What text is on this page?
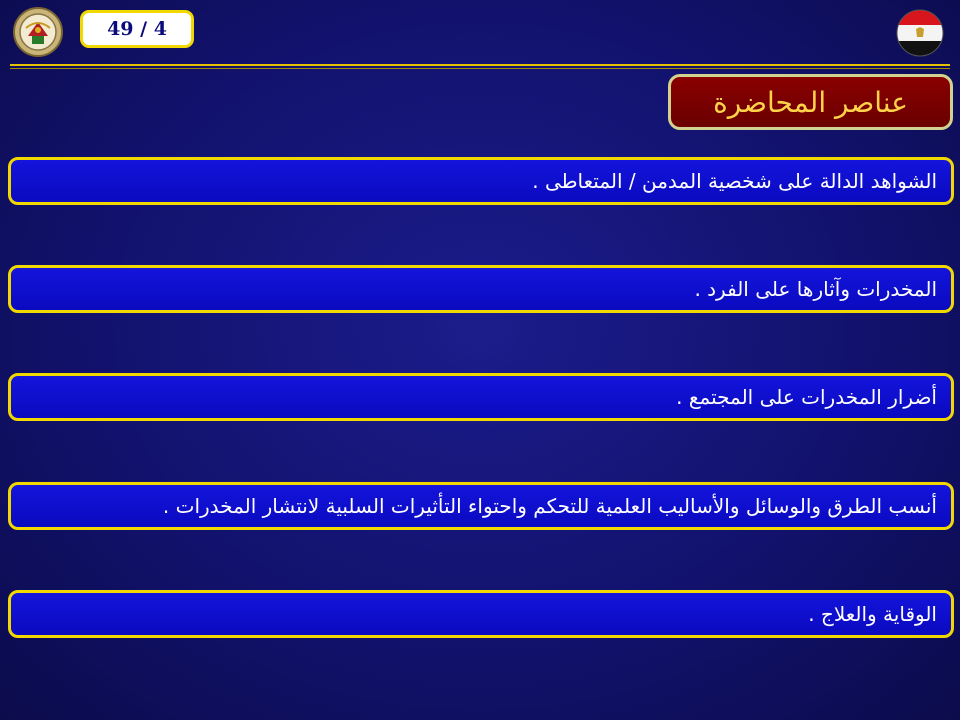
49 / 4
عناصر المحاضرة
الشواهد الدالة على شخصية المدمن / المتعاطى .
المخدرات وآثارها على الفرد .
أضرار المخدرات على المجتمع .
أنسب الطرق والوسائل والأساليب العلمية للتحكم واحتواء التأثيرات السلبية لانتشار المخدرات .
الوقاية والعلاج .
